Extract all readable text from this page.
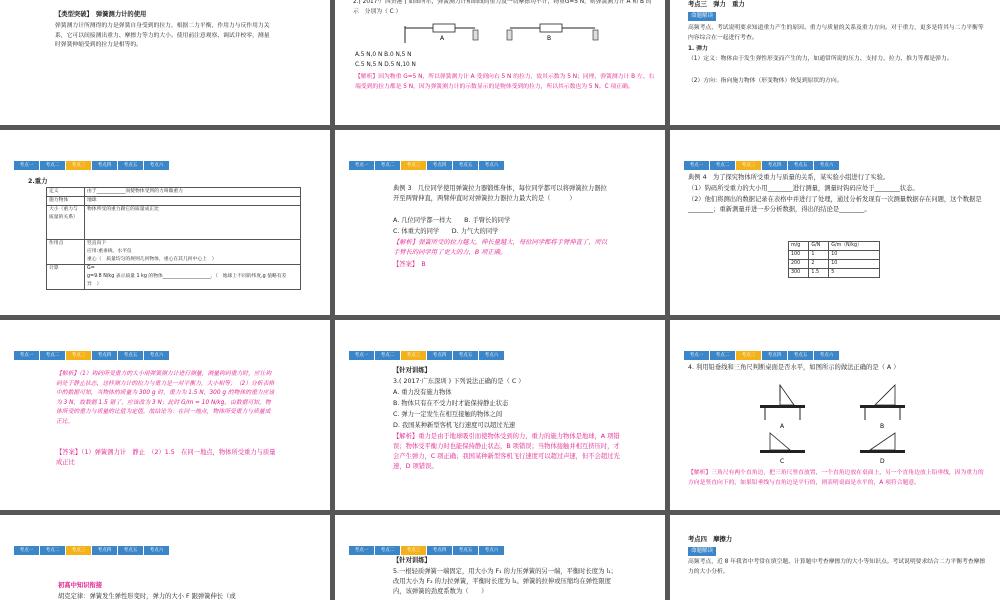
【类型突破】　弹簧测力计的使用
弹簧测力计所测得的力是弹簧自身受到的拉力，根据二力平衡，作用力与反作用力关系，它可以间接测出重力、摩擦力等力的大小。使用前注意观察、调试并校零，测量时弹簧伸缩受到的拉力是相等的。
2.( 2017·广西贵港 ) 如图所示，弹簧测力计和细线的重力及一切摩擦均不计，物重G=5 N，则弹簧测力计 A 和 B 的示　分别为（ C ）
A	B
A.5 N,0 N B.0 N,5 N
C.5 N,5 N D.5 N,10 N
【解析】因为物重 G=5 N，所以弹簧测力计 A 受到向右 5 N 的拉力，故其示数为 5 N；同理，弹簧测力计 B 左、右端受到的拉力都是 5 N，因为弹簧测力计的示数显示的是物体受到的拉力，所以其示数也为 5 N。C 项正确。
考点三　弹力　重力
命题解读
高频考点，考试说明要求知道重力产生的原因、重力与质量的关系及重力方向。对于重力，更多是将其与二力平衡等内容综合在一起进行考查。
1. 弹力
（1）定义：物体由于发生弹性形变而产生的力，如通常所说的压力、支持力、拉力、推力等都是弹力。
（2）方向：指向施力物体（形变物体）恢复到原状的方向。
考点一	考点二	考点三	考点四	考点五	考点六
2.重力
定义	由于____________而使物体受到的力叫做重力
施力物体	地球
大小（重力与质量的关系）	物体所受的重力跟它的质量成正比
作用点	竖直向下
应用:重垂线、水平仪
重心（　质量均匀的规则几何物体，重心在其几何中心上　）
计算	G=
g=9.8 N/kg 表示质量 1 kg 的物体____________________，（　地球上不同的纬度,g 值略有差异　）
考点一	考点二	考点三	考点四	考点五	考点六
典例 3　几位同学使用弹簧拉力器锻炼身体，每位同学都可以将弹簧拉力器拉开至两臂伸直，两臂伸直时对弹簧拉力器拉力最大的是（　　　）
A. 几位同学都一样大　　B. 手臂长的同学
C. 体重大的同学　　D. 力气大的同学
【解析】弹簧所受的拉力越大，伸长量越大，每位同学都将手臂伸直了，所以手臂长的同学用了更大的力，B 项正确。
【答案】　B
考点一	考点二	考点三	考点四	考点五	考点六
典例 4　为了探究物体所受重力与质量的关系，某实验小组进行了实验。
（1）钩码所受重力的大小用________进行测量，测量时钩码应处于________状态。
（2）他们将测出的数据记录在表格中并进行了处理，通过分析发现有一次测量数据存在问题，这个数据是________；重新测量并进一步分析数据，得出的结论是________。
m/g	G/N	G/m（N/kg）
100	1	10
200	2	10
300	1.5	5
考点一	考点二	考点三	考点四	考点五	考点六
【解析】（1）钩码所受重力的大小用弹簧测力计进行测量，测量钩码重力时，应让钩码处于静止状态，这样测力计的拉力与重力是一对平衡力，大小相等；（2）分析表格中的数据可知，当物体的质量为 300 g 时，重力为 1.5 N，300 g 的物体的重力应该为 3 N，故数据 1.5 错了，应该改为 3 N；此时 G/m = 10 N/kg，由数据可知，物体所受的重力与质量的比值为定值，故结论为：在同一地点，物体所受重力与质量成正比。
【答案】（1）弹簧测力计　静止　（2）1.5　在同一地点，物体所受重力与质量成正比
考点一	考点二	考点三	考点四	考点五	考点六
【针对训练】
3.( 2017·广东深圳 ) 下列说法正确的是（ C ）
A. 重力没有施力物体
B. 物体只有在不受力时才能保持静止状态
C. 弹力一定发生在相互接触的物体之间
D. 我国某种新型客机飞行速度可以超过光速
【解析】重力是由于地球吸引而使物体受到的力，重力的施力物体是地球，A 项错误；物体受平衡力时也能保持静止状态，B 项错误；当物体接触并相互挤压时，才会产生弹力，C 项正确；我国某种新型客机飞行速度可以超过声速，但不会超过光速，D 项错误。
考点一	考点二	考点三	考点四	考点五	考点六
4. 利用铅垂线和三角尺判断桌面是否水平，如图所示的做法正确的是（ A ）
A	B
C	D
【解析】三角尺有两个直角边，把三角尺竖直放置，一个直角边放在桌面上，另一个直角边放上铅垂线，因为重力的方向是竖直向下的，如果铅垂线与直角边是平行的，则表明桌面是水平的，A 项符合题意。
考点一	考点二	考点三	考点四	考点五	考点六
初高中知识衔接
胡克定律：弹簧发生弹性形变时，弹力的大小 F 跟弹簧伸长（或
考点一	考点二	考点三	考点四	考点五	考点六
【针对训练】
5.一根轻质弹簧一端固定，用大小为 F₁ 的力压弹簧的另一端，平衡时长度为 l₁；改用大小为 F₂ 的力拉弹簧，平衡时长度为 l₂。弹簧的拉伸或压缩均在弹性限度内，该弹簧的劲度系数为（　　）
考点四　摩擦力
命题解读
高频考点，近 8 年我省中考常在填空题、计算题中考查摩擦力的大小等知识点。考试说明要求结合二力平衡考查摩擦力的大小分析。
